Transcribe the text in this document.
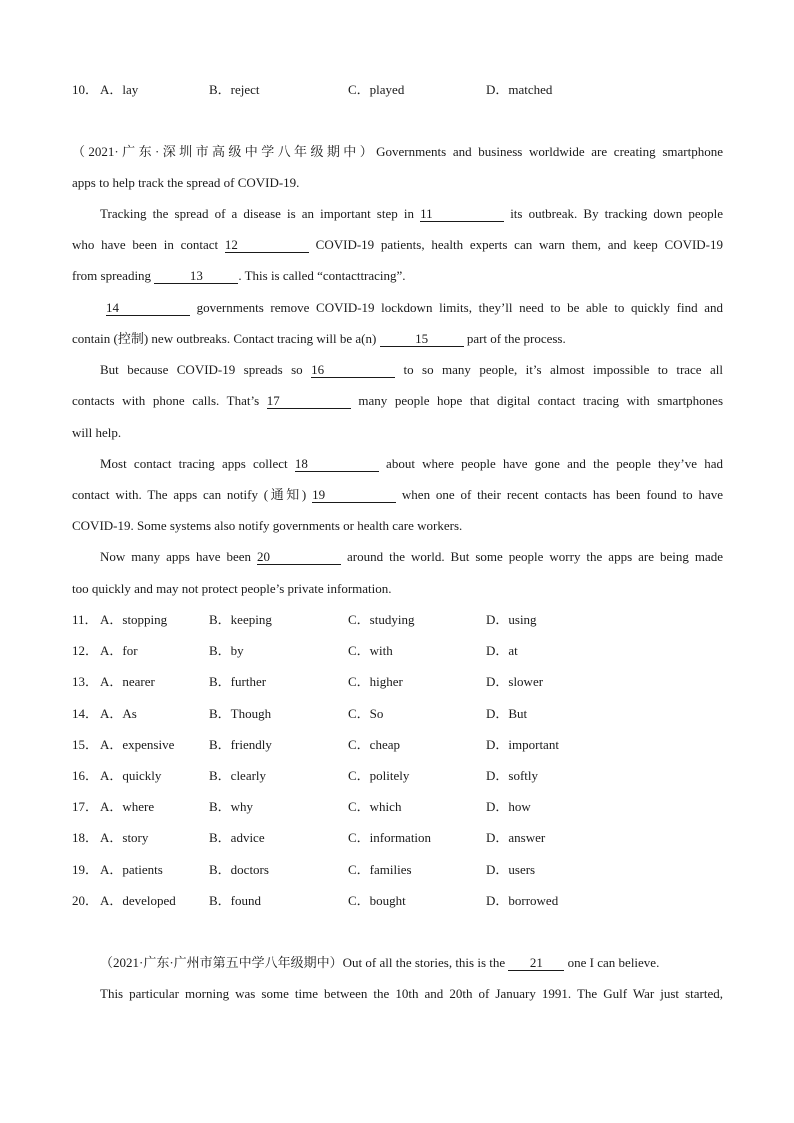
10． A．lay	B．reject	C．played	D．matched
（2021·广东·深圳市高级中学八年级期中）Governments and business worldwide are creating smartphone
apps to help track the spread of COVID-19.
Tracking the spread of a disease is an important step in 11	its outbreak. By tracking down people
who have been in contact 12	COVID-19 patients, health experts can warn them, and keep COVID-19
from spreading	13	. This is called “contacttracing”.
14	governments remove COVID-19 lockdown limits, they’ll need to be able to quickly find and
contain (控制) new outbreaks. Contact tracing will be a(n)	15	part of the process.
But because COVID-19 spreads so 16	to so many people, it’s almost impossible to trace all
contacts with phone calls. That’s 17	many people hope that digital contact tracing with smartphones
will help.
Most contact tracing apps collect 18	about where people have gone and the people they’ve had
contact with. The apps can notify (通知) 19	when one of their recent contacts has been found to have
COVID-19. Some systems also notify governments or health care workers.
Now many apps have been 20	around the world. But some people worry the apps are being made
too quickly and may not protect people’s private information.
11． A．stopping	B．keeping	C．studying	D．using
12． A．for	B．by	C．with	D．at
13． A．nearer	B．further	C．higher	D．slower
14． A．As	B．Though	C．So	D．But
15． A．expensive	B．friendly	C．cheap	D．important
16． A．quickly	B．clearly	C．politely	D．softly
17． A．where	B．why	C．which	D．how
18． A．story	B．advice	C．information	D．answer
19． A．patients	B．doctors	C．families	D．users
20． A．developed	B．found	C．bought	D．borrowed
（2021·广东·广州市第五中学八年级期中）Out of all the stories, this is the 21 one I can believe.
This particular morning was some time between the 10th and 20th of January 1991. The Gulf War just started,
